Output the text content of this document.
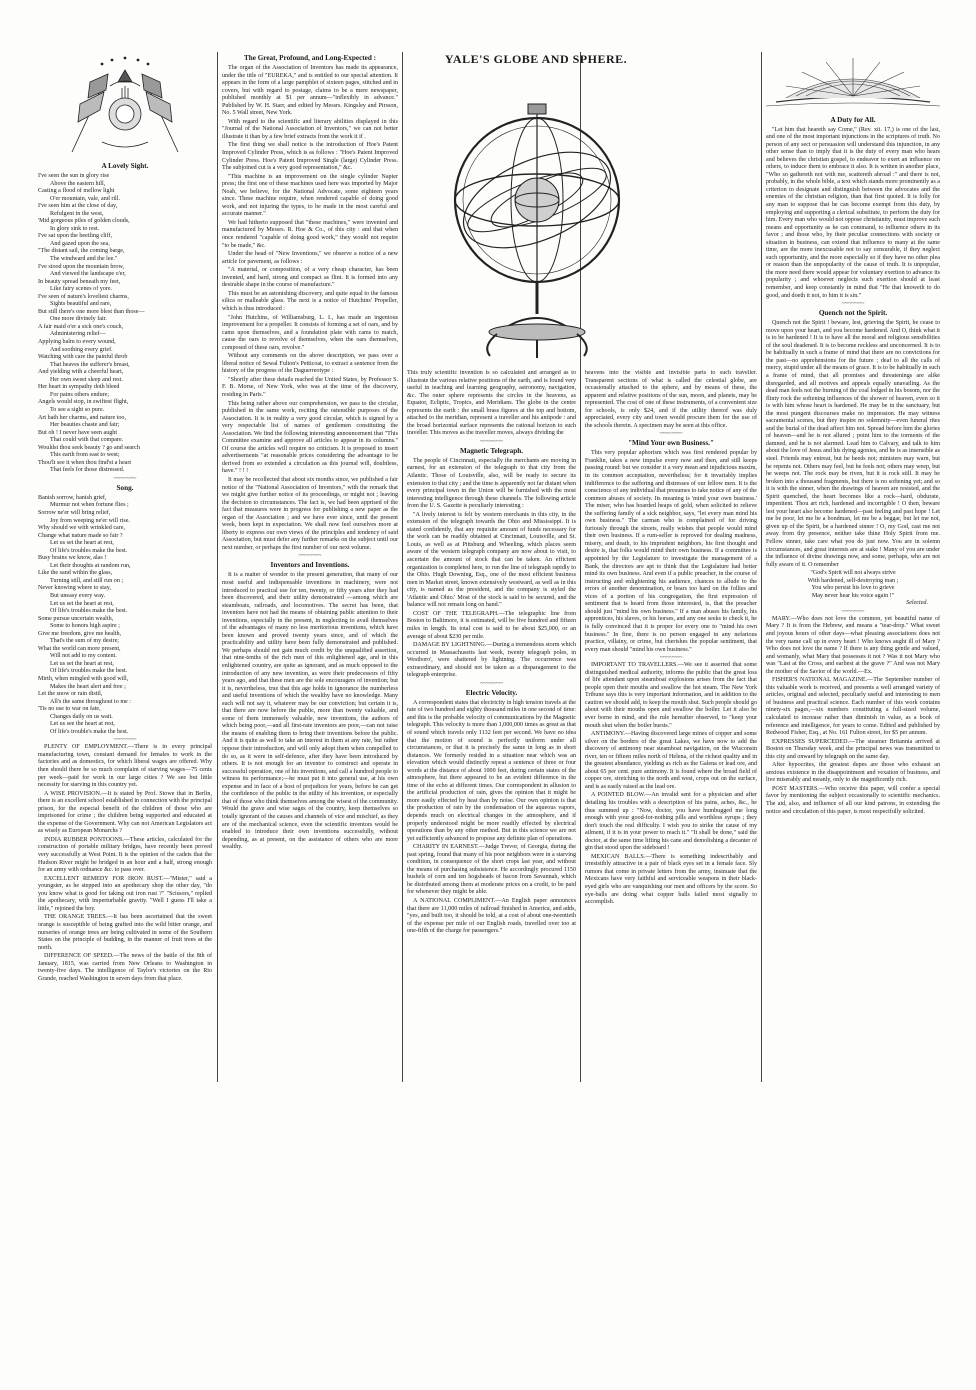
A Lovely Sight.
I've seen the sun in glory rise
Above the eastern hill,
Casting a flood of mellow light
O'er mountain, vale, and rill.
I've seen him at the close of day,
Refulgent in the west,
'Mid gorgeous piles of golden clouds,
In glory sink to rest.
I've sat upon the beetling cliff,
And gazed upon the sea,
"The distant sail, the coming barge,
The windward and the lee."
I've stood upon the mountain brow,
And viewed the landscape o'er,
In beauty spread beneath my feet,
Like fairy scenes of yore.
I've seen of nature's loveliest charms,
Sights beautiful and rare,
But still there's one more blest than those—
One more divinely fair.
A fair maid o'er a sick one's couch,
Administering relief—
Applying balm to every wound,
And soothing every grief.
Watching with care the painful throb
That heaves the sufferer's breast,
And yielding with a cheerful heart,
Her own sweet sleep and rest.
Her heart in sympathy doth bleed
For pains others endure;
Angels would stop, in swiftest flight,
To see a sight so pure.
Art hath her charms, and nature too,
Her beauties chaste and fair;
But oh ! I never have seen aught
That could with that compare.
Wouldst thou seek beauty ? go and search
This earth from east to west;
Thou'lt see it when thou find'st a heart
That feels for those distressed.
~~~~~~~
Song.
Banish sorrow, banish grief,
Murmur not when fortune flies ;
Sorrow ne'er will bring relief,
Joy from weeping ne'er will rise.
Why should we with wrinkled care,
Change what nature made so fair ?
Let us set the heart at rest,
Of life's troubles make the best.
Busy brains we know, alas !
Let their thoughts at random run,
Like the sand within the glass,
Turning still, and still run on ;
Never knowing where to stay,
But uneasy every way.
Let us set the heart at rest,
Of life's troubles make the best.
Some pursue uncertain wealth,
Some to honors high aspire ;
Give me freedom, give me health,
That's the sum of my desire;
What the world can more present,
Will not add to my content.
Let us set the heart at rest,
Of life's troubles make the best.
Mirth, when mingled with good will,
Makes the heart alert and free ;
Let the snow or rain distil,
All's the same throughout to me :
'Tis no use to war on fate,
Changes daily on us wait.
Let us see the heart at rest,
Of life's trouble's make the best.
~~~~~~~

PLENTY OF EMPLOYMENT.—There is in every principal manufacturing town, constant demand for females to work in the factories and as domestics, for which liberal wages are offered. Why then should there be so much complaint of starving wages—75 cents per week—paid for work in our large cities ? We see but little necessity for starving in this country yet.

A WISE PROVISION.—It is stated by Prof. Stowe that in Berlin, there is an excellent school established in connection with the principal prison, for the especial benefit of the children of those who are imprisoned for crime ; the children being supported and educated at the expense of the Government. Why can not American Legislators act as wisely as European Monarchs ?

INDIA RUBBER PONTOONS.—These articles, calculated for the construction of portable military bridges, have recently been proved very successfully at West Point. It is the opinion of the cadets that the Hudson River might be bridged in an hour and a half, strong enough for an army with ordnance &c. to pass over.

EXCELLENT REMEDY FOR IRON RUST.—"Mister," said a youngster, as he stepped into an apothecary shop the other day, "do you know what is good for taking out iron rust ?" "Scissors," replied the apothecary, with imperturbable gravity. "Well I guess I'll take a little," rejoined the boy.

THE ORANGE TREES.—It has been ascertained that the sweet orange is susceptible of being grafted into the wild bitter orange, and nurseries of orange trees are being cultivated in some of the Southern States on the principle of budding, in the manner of fruit trees at the north.

DIFFERENCE OF SPEED.—The news of the battle of the 8th of January, 1815, was carried from New Orleans to Washington in twenty-five days. The intelligence of Taylor's victories on the Rio Grande, reached Washington in seven days from that place.

The Great, Profound, and Long-Expected :

The organ of the Association of Inventors has made its appearance, under the title of "EUREKA," and is entitled to our special attention. It appears in the form of a large pamphlet of sixteen pages, stitched and in covers, but with regard to postage, claims to be a mere newspaper, published monthly at $1 per annum—"inflexibly in advance." Published by W. H. Starr, and edited by Messrs. Kingsley and Pirsson, No. 5 Wall street, New York.

With regard to the scientific and literary abilities displayed in this "Journal of the National Association of Inventors," we can not better illustrate it than by a few brief extracts from the work it if .

The first thing we shall notice is the introduction of Hoe's Patent Improved Cylinder Press, which is as follows : "Hoe's Patent Improved Cylinder Press. Hoe's Patent Improved Single (large) Cylinder Press. The subjoined cut is a very good representation," &c.

"This machine is an improvement on the single cylinder Napier press; the first one of these machines used here was imported by Major Noah, we believe, for the National Advocate, some eighteen years since. These machine require, when rendered capable of doing good work, and not injuring the types, to be made in the most careful and accurate manner."

We had hitherto supposed that "these machines," were invented and manufactured by Messrs. R. Hoe & Co., of this city : and that when once rendered "capable of doing good work," they would not require "to be made," &c.

Under the head of "New Inventions," we observe a notice of a new article for pavement, as follows :

"A material, or composition, of a very cheap character, has been invented, and hard, strong and compact as flint. It is formed into any desirable shape in the course of manufacture."

This must be an astonishing discovery, and quite equal to the famous silica or malleable glass. The next is a notice of Hutchins' Propeller, which is thus introduced :

"John Hutchins, of Williamsburg, L. I., has made an ingenious improvement for a propeller. It consists of forming a set of oars, and by cams upon themselves, and a foundation plate with cams to match, cause the oars to revolve of themselves, when the oars themselves, composed of these oars, revolve."

Without any comments on the above description, we pass over a liberal notice of Sewal Fulton's Petticoat, to extract a sentence from the history of the progress of the Daguerreotype :

"Shortly after these details reached the United States, by Professor S. F. B. Morse, of New York, who was at the time of the discovery, residing in Paris."

This being rather above our comprehension, we pass to the circular, published in the same work, reciting the ostensible purposes of the Association. It is in reality a very good circular, which is signed by a very respectable list of names of gentlemen constituting the Association. We find the following interesting announcement that "This Committee examine and approve all articles to appear in its columns." Of course the articles will require no criticism. It is proposed to insert advertisements "at reasonable prices considering the advantage to be derived from so extended a circulation as this journal will, doubtless, have." ! ! !

It may be recollected that about six months since, we published a fair notice of the "National Association of Inventors," with the remark that we might give further notice of its proceedings, or might not ; leaving the decision to circumstances. The fact is, we had been apprised of the fact that measures were in progress for publishing a new paper as the organ of the Association ; and we have ever since, until the present week, been kept in expectation. We shall now feel ourselves more at liberty to express our own views of the principles and tendency of said Association, but must defer any further remarks on the subject until our next number, or perhaps the first number of our next volume.

~~~~~~~
Inventors and Inventions.

It is a matter of wonder to the present generation, that many of our most useful and indispensable inventions in machinery, were not introduced to practical use for ten, twenty, or fifty years after they had been discovered, and their utility demonstrated —among which are steamboats, railroads, and locomotives. The secret has been, that inventors have not had the means of obtaining public attention to their inventions, especially in the present, in neglecting to avail themselves of the advantages of many no less meritorious inventions, which have been known and proved twenty years since, and of which the practicability and utility have been fully demonstrated and published. We perhaps should not gain much credit by the unqualified assertion, that nine-tenths of the rich men of this enlightened age, and in this enlightened country, are quite as ignorant, and as much opposed to the introduction of any new invention, as were their predecessors of fifty years ago, and that these men are the sole encouragers of invention; but it is, nevertheless, true that this age holds in ignorance the numberless and useful inventions of which the wealthy have no knowledge. Many such will not say it, whatever may be our conviction; but certain it is, that there are now before the public, more than twenty valuable, and some of them immensely valuable, new inventions, the authors of which being poor,—and all first-rate inventors are poor,—can not raise the means of enabling them to bring their inventions before the public. And it is quite as well to take an interest in them at any rate, but rather oppose their introduction, and will only adopt them when compelled to do so, as it were in self-defence, after they have been introduced by others. It is not enough for an inventor to construct and operate in successful operation, one of his inventions, and call a hundred people to witness its performance;—he must put it into general use, at his own expense and in face of a host of prejudices for years, before he can get the confidence of the public in the utility of his invention, or especially that of those who think themselves among the wisest of the community. Would the grave and wise sages of the country, keep themselves so totally ignorant of the causes and channels of vice and mischief, as they are of the mechanical science, even the scientific inventors would be enabled to introduce their own inventions successfully, without depending, as at present, on the assistance of others who are more wealthy.

YALE'S GLOBE AND SPHERE.

This truly scientific invention is so calculated and arranged as to illustrate the various relative positions of the earth, and is found very useful in teaching and learning geography, astronomy, navigation, &c. The outer sphere represents the circles in the heavens, as Equator, Ecliptic, Tropics, and Meridians. The globe in the centre represents the earth : the small brass figures at the top and bottom, attached to the meridian, represent a traveller and his antipode : and the broad horizontal surface represents the rational horizon to such traveller. This moves as the traveller moves, always dividing the

~~~~~~~
Magnetic Telegraph.

The people of Cincinnati, especially the merchants are moving in earnest, for an extension of the telegraph to that city from the Atlantic. Those of Louisville, also, will be ready to secure its extension to that city ; and the time is apparently not far distant when every principal town in the Union will be furnished with the most interesting intelligence through these channels. The following article from the U. S. Gazette is peculiarly interesting :

"A lively interest is felt by western merchants in this city, in the extension of the telegraph towards the Ohio and Mississippi. It is stated confidently, that any requisite amount of funds necessary for the work can be readily obtained at Cincinnati, Louisville, and St. Louis, as well as at Pittsburg and Wheeling, which places seem aware of the western telegraph company are now about to visit, to ascertain the amount of stock that can be taken. An efficient organization is completed here, to run the line of telegraph rapidly to the Ohio. Hugh Downing, Esq., one of the most efficient business men in Market street, known extensively westward, as well as in this city, is named as the president, and the company is styled the 'Atlantic and Ohio.' Most of the stock is said to be secured, and the balance will not remain long on hand."

COST OF THE TELEGRAPH.—The telegraphic line from Boston to Baltimore, it is estimated, will be five hundred and fifteen miles in length. Its total cost is said to be about $25,000, or an average of about $230 per mile.

DAMAGE BY LIGHTNING.—During a tremendous storm which occurred in Massachusetts last week, twenty telegraph poles, in Westboro', were shattered by lightning. The occurrence was extraordinary, and should not be taken as a disparagement to the telegraph enterprise.

~~~~~~~
Electric Velocity.

A correspondent states that electricity in high tension travels at the rate of two hundred and eighty thousand miles in one second of time: and this is the probable velocity of communications by the Magnetic telegraph. This velocity is more than 1,000,000 times as great as that of sound which travels only 1132 feet per second. We have no idea that the motion of sound is perfectly uniform under all circumstances, or that it is precisely the same in long as in short distances. We formerly resided in a situation near which was an elevation which would distinctly repeat a sentence of three or four words at the distance of about 1000 feet, during certain states of the atmosphere, but there appeared to be an evident difference in the time of the echo at different times. Our correspondent in allusion to the artificial production of rain, gives the opinion that it might be more easily effected by heat than by noise. Our own opinion is that the production of rain by the condensation of the aqueous vapors, depends much on electrical changes in the atmosphere, and if properly understood might be more readily effected by electrical operations than by any other method. But in this science we are not yet sufficiently advanced to propose any definite plan of operations.

CHARITY IN EARNEST.—Judge Trevor, of Georgia, during the past spring, found that many of his poor neighbors were in a starving condition, in consequence of the short crops last year, and without the means of purchasing subsistence. He accordingly procured 1150 bushels of corn and ten hogsheads of bacon from Savannah, which he distributed among them at moderate prices on a credit, to be paid for whenever they might be able.

A NATIONAL COMPLIMENT.—An English paper announces that there are 11,000 miles of railroad finished in America, and adds, "yes, and built too, it should be told, at a cost of about one-twentieth of the expense per mile of our English roads, travelled over too at one-fifth of the charge for passengers."

heavens into the visible and invisible parts to such traveller. Transparent sections of what is called the celestial globe, are occasionally attached to the sphere, and by means of these, the apparent and relative positions of the sun, moon, and planets, may be represented. The cost of one of these instruments, of a convenient size for schools, is only $24, and if the utility thereof was duly appreciated, every city and town would procure them for the use of the schools therein. A specimen may be seen at this office.

~~~~~~~
"Mind Your own Business."

This very popular aphorism which was first rendered popular by Franklin, takes a new impulse every now and then, and still keeps passing round: but we consider it a very mean and injudicious maxim, in its common acceptation, nevertheless; for it invariably implies indifference to the suffering and distresses of our fellow men. It is the conscience of any individual that presumes to take notice of any of the common abuses of society. Its meaning is 'mind your own business.' The miser, who has hoarded heaps of gold, when solicited to relieve the suffering family of a sick neighbor, says, "let every man mind his own business." The carman who is complained of for driving furiously through the streets, really wishes that people would mind their own business. If a rum-seller is reproved for dealing madness, misery, and death, to his imprudent neighbors, his first thought and desire is, that folks would mind their own business. If a committee is appointed by the Legislature to investigate the management of a Bank, the directors are apt to think that the Legislature had better mind its own business. And even if a public preacher, in the course of instructing and enlightening his audience, chances to allude to the errors of another denomination, or bears too hard on the follies and vices of a portion of his congregation, the first expression of sentiment that is heard from those interested, is, that the preacher should just "mind his own business." If a man abuses his family, his apprentices, his slaves, or his horses, and any one seeks to check it, he is fully convinced that it is proper for every one to "mind his own business." In fine, there is no person engaged in any nefarious practice, villainy, or crime, but cherishes the popular sentiment, that every man should "mind his own business."

~~~~~~~

IMPORTANT TO TRAVELLERS.—We see it asserted that some distinguished medical authority, informs the public that the great loss of life attendant upon steamboat explosions arises from the fact that people open their mouths and swallow the hot steam. The New York Tribune says this is very important information, and in addition to the caution we should add, to keep the mouth shut. Such people should go about with their mouths open and swallow the boiler. Let it also be ever borne in mind, and the rule hereafter observed, to "keep your mouth shut when the boiler bursts."

ANTIMONY.—Having discovered large mines of copper and some silver on the borders of the great Lakes, we have now to add the discovery of antimony near steamboat navigation, on the Wisconsin river, ten or fifteen miles north of Helena, of the richest quality and in the greatest abundance, yielding as rich as the Galena or lead ore, and about 65 per cent. pure antimony. It is found where the broad field of copper ore, stretching to the north and west, crops out on the surface, and is as easily raised as the lead ore.

A POINTED BLOW.—An invalid sent for a physician and after detailing his troubles with a description of his pains, aches, &c., he thus summed up : "Now, doctor, you have humbugged me long enough with your good-for-nothing pills and worthless syrups ; they don't touch the real difficulty. I wish you to strike the cause of my ailment, if it is in your power to reach it." "It shall be done," said the doctor, at the same time lifting his cane and demolishing a decanter of gin that stood upon the sideboard !

MEXICAN BALLS.—There is something indescribably and irresistibly attractive in a pair of black eyes set in a female face. Sly rumors that come in private letters from the army, insinuate that the Mexicans have very faithful and serviceable weapons in their black-eyed girls who are vanquishing our men and officers by the score. So eye-balls are doing what copper balls failed most signally to accomplish.

A Duty for All.

"Let him that heareth say Come," (Rev. xii. 17,) is one of the last, and one of the most important injunctions in the scriptures of truth. No person of any sect or persuasion will understand this injunction, in any other sense than to imply that it is the duty of every man who hears and believes the christian gospel, to endeavor to exert an influence on others, to induce them to embrace it also. It is written in another place, "Who so gathereth not with me, scattereth abroad :" and there is not, probably, in the whole bible, a text which stands more prominently as a criterion to designate and distinguish between the advocates and the enemies of the christian religion, than that first quoted. It is folly for any man to suppose that he can become exempt from this duty, by employing and supporting a clerical substitute, to perform the duty for him. Every man who would not oppose christianity, must improve such means and opportunity as he can command, to influence others in its favor ; and those who, by their peculiar connections with society or situation in business, can extend that influence to many at the same time, are the more inexcusable not to say censurable, if they neglect such opportunity, and the more especially so if they have no other plea or reason than the unpopularity of the cause of truth. It is unpopular, the more need there would appear for voluntary exertion to advance its popularity ; and whoever neglects such exertion should at least remember, and keep constantly in mind that "He that knoweth to do good, and doeth it not, to him it is sin."

~~~~~~~
Quench not the Spirit.

Quench not the Spirit ! beware, lest, grieving the Spirit, he cease to move upon your heart, and you become hardened. And O, think what it is to be hardened ! It is to have all the moral and religious sensibilities of the soul deadened. It is to become reckless and unconcerned. It is to be habitually in such a frame of mind that there are no convictions for the past—no apprehensions for the future ; deaf to all the calls of mercy, stupid under all the means of grace. It is to be habitually in such a frame of mind, that all promises and threatenings are alike disregarded, and all motives and appeals equally unavailing. As the dead man feels not the burning of the coal lodged in his bosom, nor the flinty rock the softening influences of the shower of heaven, even so it is with him whose heart is hardened. He may be in the sanctuary, but the most pungent discourses make no impression. He may witness sacramental scenes, but they inspire no solemnity—even funeral rites and the burial of the dead affect him not. Spread before him the glories of heaven—and he is not allured ; point him to the torments of the damned, and he is not alarmed. Lead him to Calvary, and talk to him about the love of Jesus and his dying agonies, and he is as insensible as steel. Friends may entreat, but he heeds not; ministers may warn, but he repents not. Others may feel, but he feels not; others may weep, but he weeps not. The rock may be riven, but it is rock still. It may be broken into a thousand fragments, but there is no softening yet; and so it is with the sinner, when the drawings of heaven are resisted, and the Spirit quenched, the heart becomes like a rock—hard, obdurate, impenitent. Thou art rich, hardened and incorrigible ! O then, beware lest your heart also become hardened—past feeling and past hope ! Let me be poor, let me be a bondman, let me be a beggar, but let me not, given up of the Spirit, be a hardened sinner ! O, my God, cast me not away from thy presence, neither take thine Holy Spirit from me. Fellow sinner, take care what you do just now. You are in solemn circumstances, and great interests are at stake ! Many of you are under the influence of divine drawings now, and some, perhaps, who are not fully aware of it. O remember

"God's Spirit will not always strive
With hardened, self-destroying man ;
You who persist his love to grieve
May never hear his voice again !"
Selected.
~~~~~~~

MARY.—Who does not love the common, yet beautiful name of Mary ? It is from the Hebrew, and means a "tear-drop." What sweet and joyous hours of other days—what pleasing associations does not the very name call up in every heart ! Who knows aught ill of Mary ? Who does not love the name ? If there is any thing gentle and valued, and womanly, what Mary that possesses it not ? Was it not Mary who was "Last at the Cross, and earliest at the grave ?" And was not Mary the mother of the Savior of the world.—Ex.

FISHER'S NATIONAL MAGAZINE.—The September number of this valuable work is received, and presents a well arranged variety of articles, original and selected, peculiarly useful and interesting to men of business and practical science. Each number of this work contains ninety-six pages,—six numbers constituting a full-sized volume, calculated to increase rather than diminish in value, as a book of reference and intelligence, for years to come. Edited and published by Redwood Fisher, Esq., at No. 161 Fulton street, for $5 per annum.

EXPRESSES SUPERCEDED.—The steamer Britannia arrived at Boston on Thursday week, and the principal news was transmitted to this city and onward by telegraph on the same day.

After hypocrites, the greatest dupes are those who exhaust an anxious existence in the disappointment and vexation of business, and live miserably and meanly, only to die magnificently rich.

POST MASTERS.—Who receive this paper, will confer a special favor by mentioning the subject occasionally to scientific mechanics. The aid, also, and influence of all our kind patrons, in extending the notice and circulation of this paper, is most respectfully solicited.
